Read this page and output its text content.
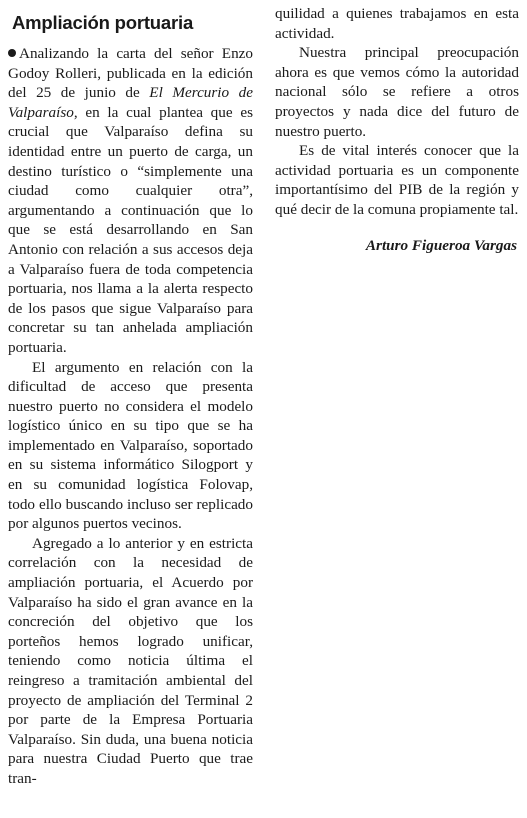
Ampliación portuaria

Analizando la carta del señor Enzo Godoy Rolleri, publicada en la edición del 25 de junio de El Mercurio de Valparaíso, en la cual plantea que es crucial que Valparaíso defina su identidad entre un puerto de carga, un destino turístico o “simplemente una ciudad como cualquier otra”, argumentando a continuación que lo que se está desarrollando en San Antonio con relación a sus accesos deja a Valparaíso fuera de toda competencia portuaria, nos llama a la alerta respecto de los pasos que sigue Valparaíso para concretar su tan anhelada ampliación portuaria.

El argumento en relación con la dificultad de acceso que presenta nuestro puerto no considera el modelo logístico único en su tipo que se ha implementado en Valparaíso, soportado en su sistema informático Silogport y en su comunidad logística Folovap, todo ello buscando incluso ser replicado por algunos puertos vecinos.

Agregado a lo anterior y en estricta correlación con la necesidad de ampliación portuaria, el Acuerdo por Valparaíso ha sido el gran avance en la concreción del objetivo que los porteños hemos logrado unificar, teniendo como noticia última el reingreso a tramitación ambiental del proyecto de ampliación del Terminal 2 por parte de la Empresa Portuaria Valparaíso. Sin duda, una buena noticia para nuestra Ciudad Puerto que trae tran-

quilidad a quienes trabajamos en esta actividad.

Nuestra principal preocupación ahora es que vemos cómo la autoridad nacional sólo se refiere a otros proyectos y nada dice del futuro de nuestro puerto.

Es de vital interés conocer que la actividad portuaria es un componente importantísimo del PIB de la región y qué decir de la comuna propiamente tal.

Arturo Figueroa Vargas
